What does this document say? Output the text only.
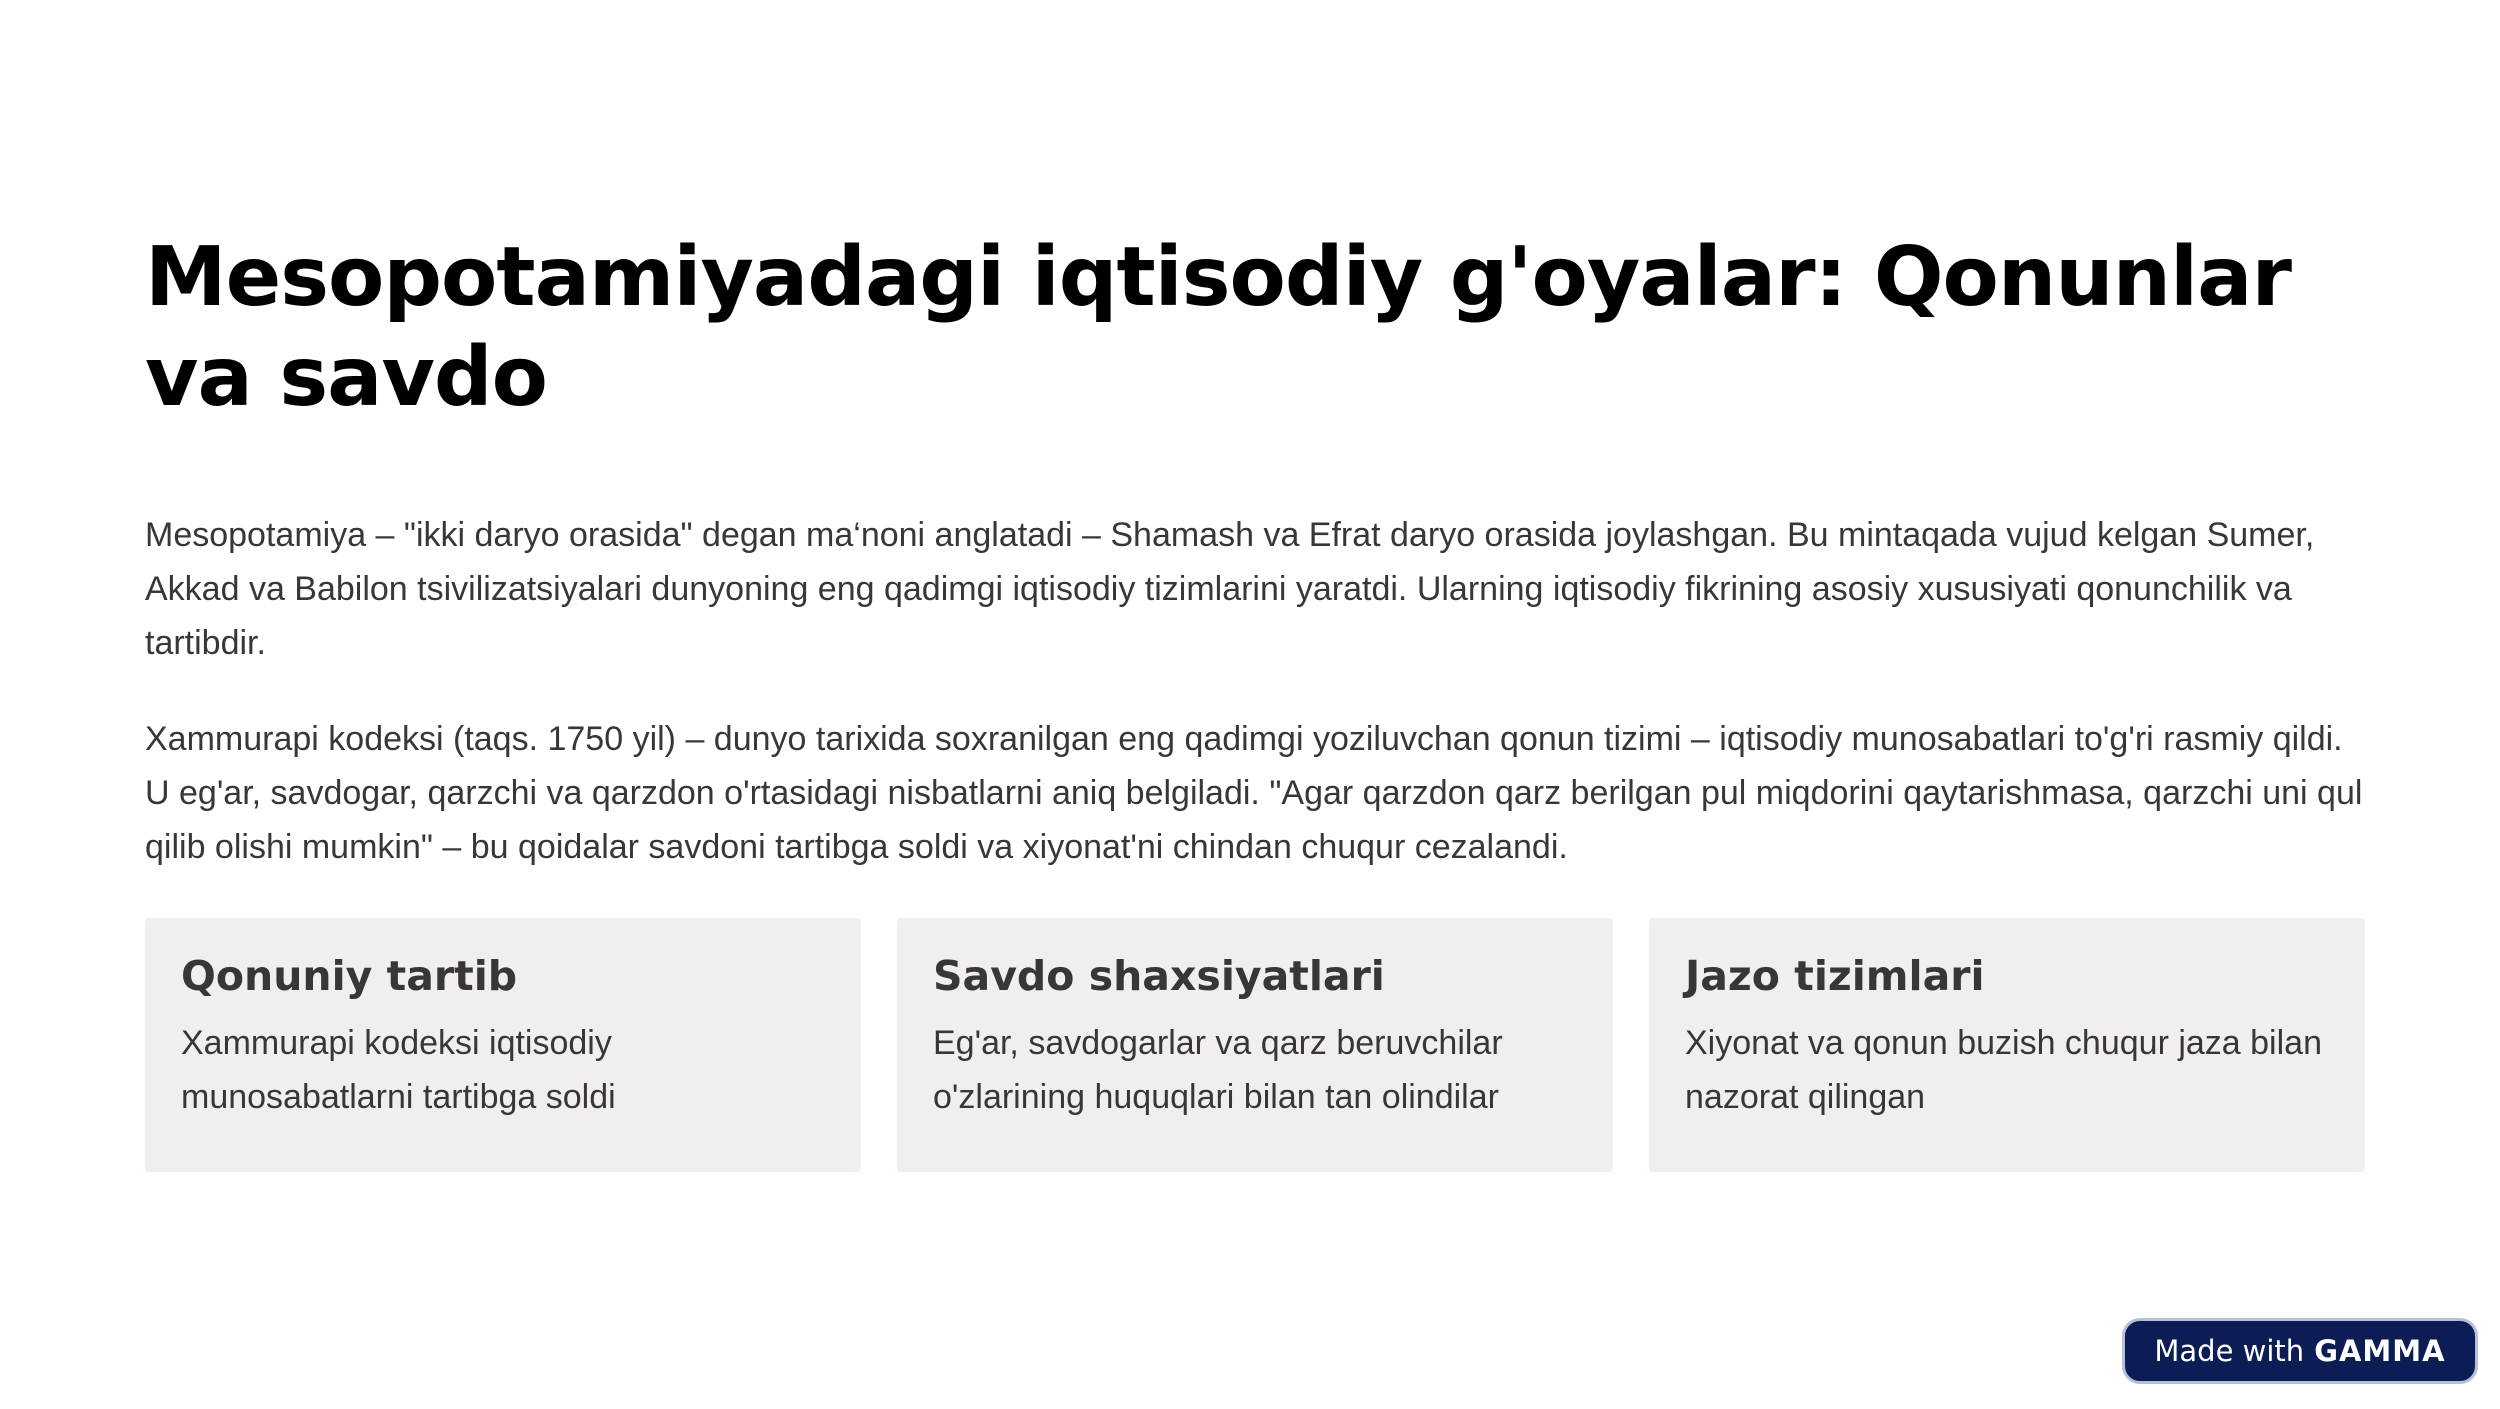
Mesopotamiyadagi iqtisodiy g'oyalar: Qonunlar va savdo

Mesopotamiya – "ikki daryo orasida" degan ma‘noni anglatadi – Shamash va Efrat daryo orasida joylashgan. Bu mintaqada vujud kelgan Sumer, Akkad va Babilon tsivilizatsiyalari dunyoning eng qadimgi iqtisodiy tizimlarini yaratdi. Ularning iqtisodiy fikrining asosiy xususiyati qonunchilik va tartibdir.

Xammurapi kodeksi (taqs. 1750 yil) – dunyo tarixida soxranilgan eng qadimgi yoziluvchan qonun tizimi – iqtisodiy munosabatlari to'g'ri rasmiy qildi. U eg'ar, savdogar, qarzchi va qarzdon o'rtasidagi nisbatlarni aniq belgiladi. "Agar qarzdon qarz berilgan pul miqdorini qaytarishmasa, qarzchi uni qul qilib olishi mumkin" – bu qoidalar savdoni tartibga soldi va xiyonat'ni chindan chuqur cezalandi.

Qonuniy tartib

Xammurapi kodeksi iqtisodiy munosabatlarni tartibga soldi

Savdo shaxsiyatlari

Eg'ar, savdogarlar va qarz beruvchilar o'zlarining huquqlari bilan tan olindilar

Jazo tizimlari

Xiyonat va qonun buzish chuqur jaza bilan nazorat qilingan

Made with GAMMA
